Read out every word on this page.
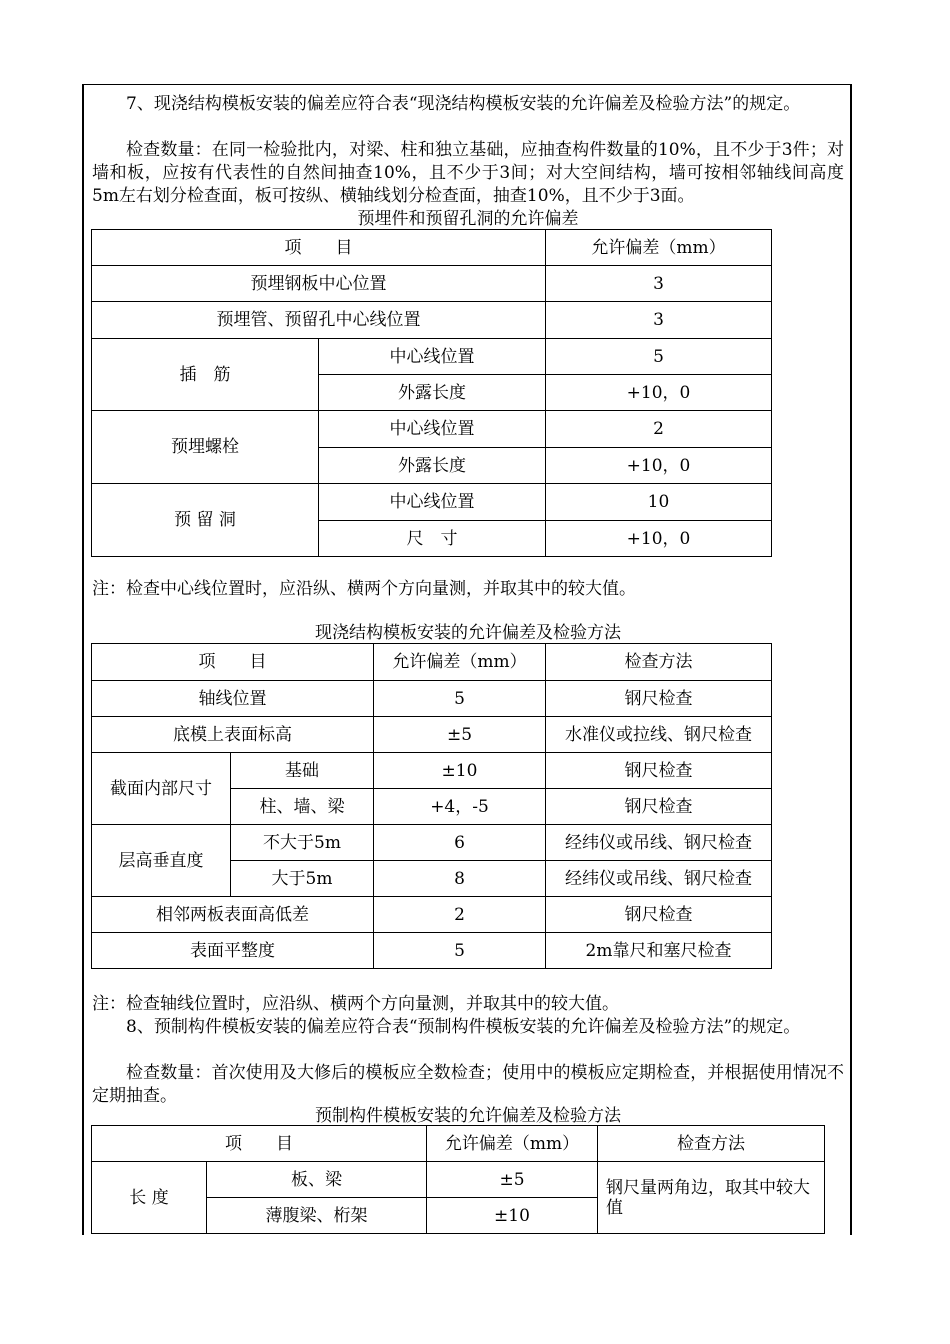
7、现浇结构模板安装的偏差应符合表“现浇结构模板安装的允许偏差及检验方法”的规定。

检查数量：在同一检验批内，对梁、柱和独立基础，应抽查构件数量的10%，且不少于3件；对墙和板，应按有代表性的自然间抽查10%，且不少于3间；对大空间结构，墙可按相邻轴线间高度5m左右划分检查面，板可按纵、横轴线划分检查面，抽查10%，且不少于3面。

预埋件和预留孔洞的允许偏差

项　　目		允许偏差（mm）
预埋钢板中心位置		3
预埋管、预留孔中心线位置		3
插　筋	中心线位置	5
	外露长度	+10，0
预埋螺栓	中心线位置	2
	外露长度	+10，0
预 留 洞	中心线位置	10
	尺　寸	+10，0

注：检查中心线位置时，应沿纵、横两个方向量测，并取其中的较大值。

现浇结构模板安装的允许偏差及检验方法

项　　目		允许偏差（mm）	检查方法
轴线位置		5	钢尺检查
底模上表面标高		±5	水准仪或拉线、钢尺检查
截面内部尺寸	基础	±10	钢尺检查
	柱、墙、梁	+4，-5	钢尺检查
层高垂直度	不大于5m	6	经纬仪或吊线、钢尺检查
	大于5m	8	经纬仪或吊线、钢尺检查
相邻两板表面高低差		2	钢尺检查
表面平整度		5	2m靠尺和塞尺检查

注：检查轴线位置时，应沿纵、横两个方向量测，并取其中的较大值。

8、预制构件模板安装的偏差应符合表“预制构件模板安装的允许偏差及检验方法”的规定。

检查数量：首次使用及大修后的模板应全数检查；使用中的模板应定期检查，并根据使用情况不定期抽查。

预制构件模板安装的允许偏差及检验方法

项　　目		允许偏差（mm）	检查方法
长 度	板、梁	±5	钢尺量两角边，取其中较大值
	薄腹梁、桁架	±10	
